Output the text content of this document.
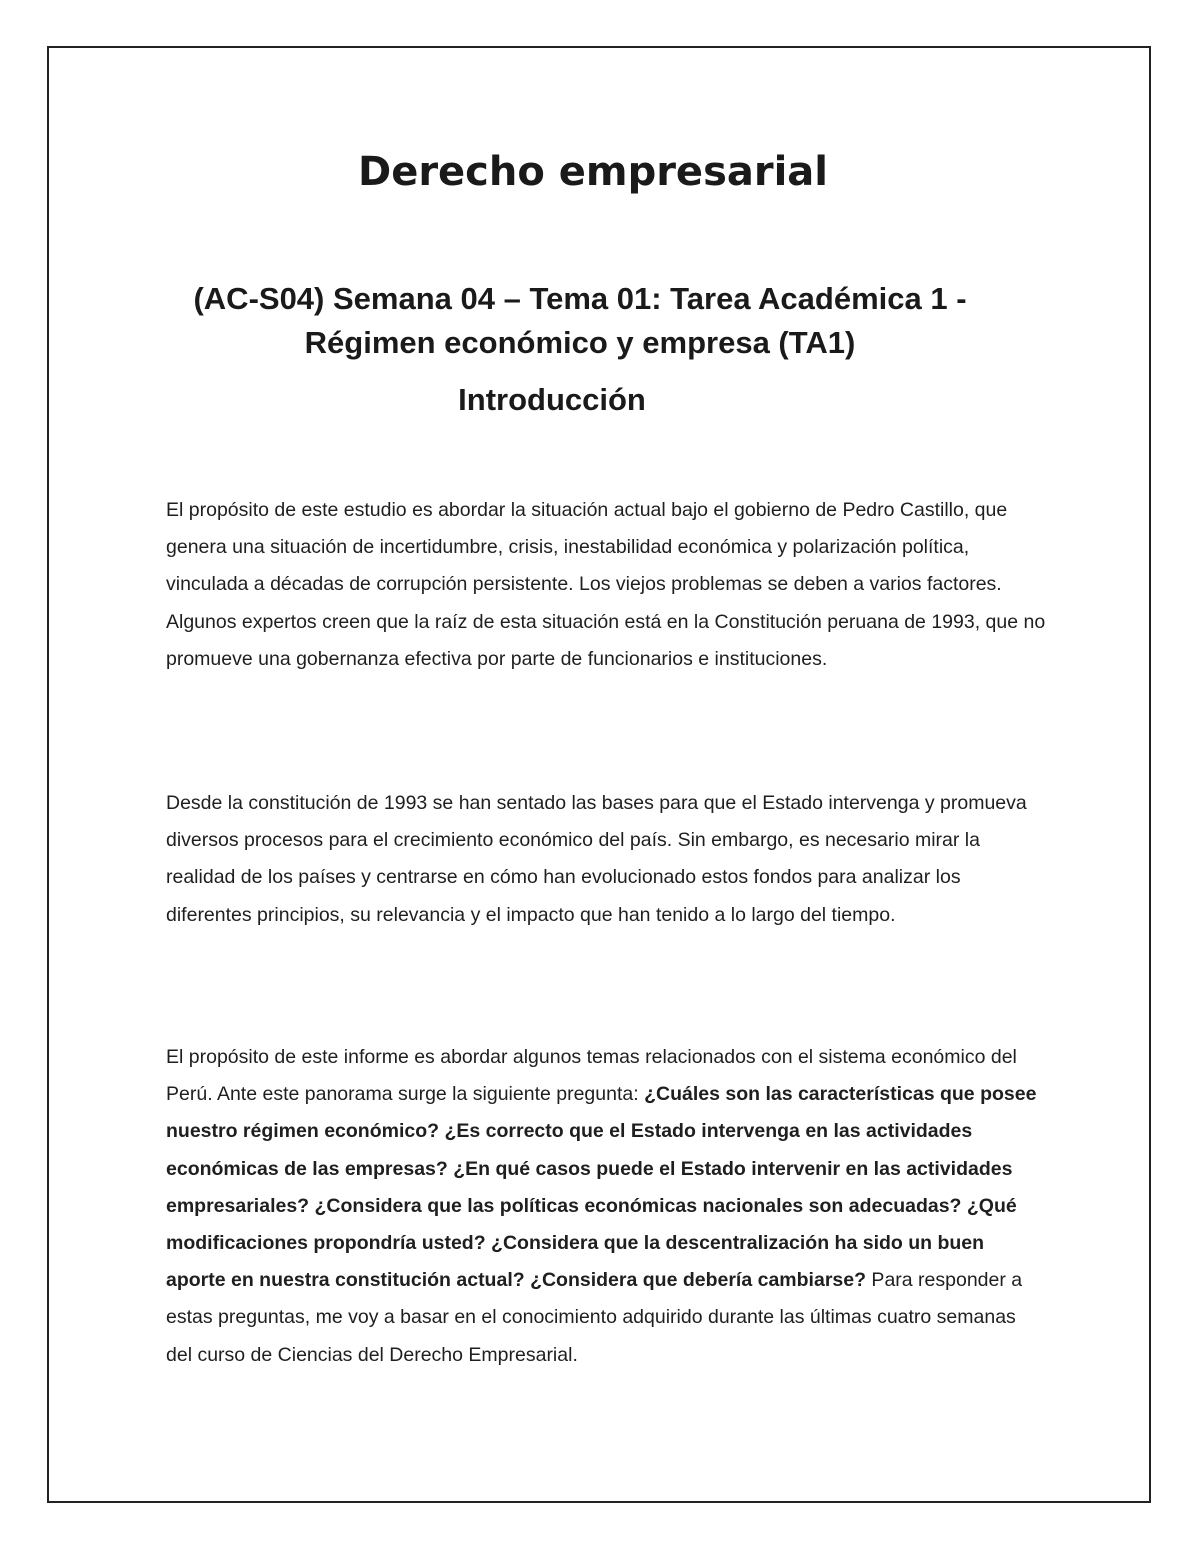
Derecho empresarial
(AC-S04) Semana 04 – Tema 01: Tarea Académica 1 - Régimen económico y empresa (TA1)
Introducción

El propósito de este estudio es abordar la situación actual bajo el gobierno de Pedro Castillo, que genera una situación de incertidumbre, crisis, inestabilidad económica y polarización política, vinculada a décadas de corrupción persistente. Los viejos problemas se deben a varios factores. Algunos expertos creen que la raíz de esta situación está en la Constitución peruana de 1993, que no promueve una gobernanza efectiva por parte de funcionarios e instituciones.

Desde la constitución de 1993 se han sentado las bases para que el Estado intervenga y promueva diversos procesos para el crecimiento económico del país. Sin embargo, es necesario mirar la realidad de los países y centrarse en cómo han evolucionado estos fondos para analizar los diferentes principios, su relevancia y el impacto que han tenido a lo largo del tiempo.

El propósito de este informe es abordar algunos temas relacionados con el sistema económico del Perú. Ante este panorama surge la siguiente pregunta: ¿Cuáles son las características que posee nuestro régimen económico? ¿Es correcto que el Estado intervenga en las actividades económicas de las empresas? ¿En qué casos puede el Estado intervenir en las actividades empresariales? ¿Considera que las políticas económicas nacionales son adecuadas? ¿Qué modificaciones propondría usted? ¿Considera que la descentralización ha sido un buen aporte en nuestra constitución actual? ¿Considera que debería cambiarse? Para responder a estas preguntas, me voy a basar en el conocimiento adquirido durante las últimas cuatro semanas del curso de Ciencias del Derecho Empresarial.
